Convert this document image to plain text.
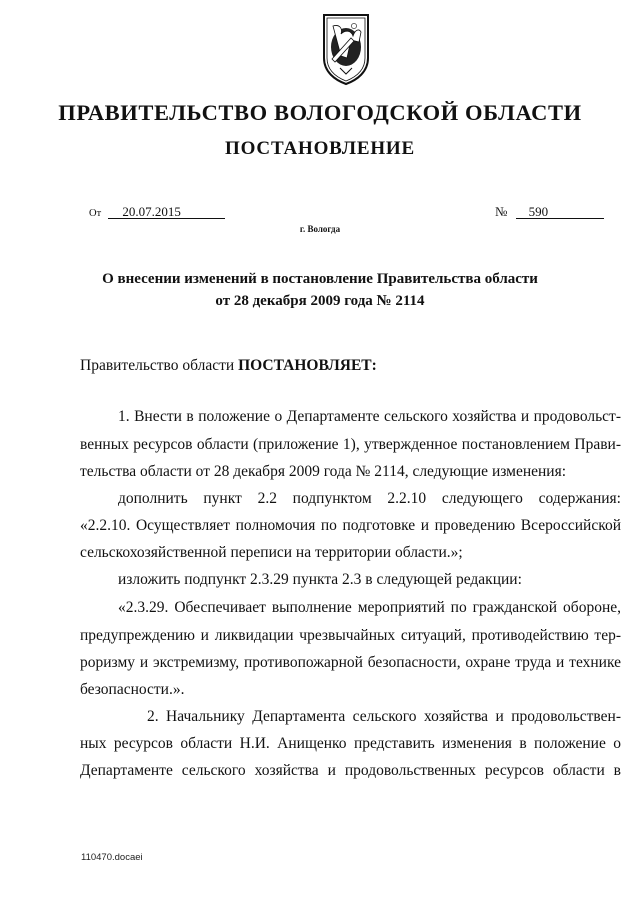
ПРАВИТЕЛЬСТВО ВОЛОГОДСКОЙ ОБЛАСТИ
ПОСТАНОВЛЕНИЕ
От 20.07.2015	№ 590
г. Вологда
О внесении изменений в постановление Правительства области
от 28 декабря 2009 года № 2114
Правительство области ПОСТАНОВЛЯЕТ:
1. Внести в положение о Департаменте сельского хозяйства и продовольст-
венных ресурсов области (приложение 1), утвержденное постановлением Прави-
тельства области от 28 декабря 2009 года № 2114, следующие изменения:
дополнить пункт 2.2 подпунктом 2.2.10 следующего содержания:
«2.2.10. Осуществляет полномочия по подготовке и проведению Всероссийской
сельскохозяйственной переписи на территории области.»;
изложить подпункт 2.3.29 пункта 2.3 в следующей редакции:
«2.3.29. Обеспечивает выполнение мероприятий по гражданской обороне,
предупреждению и ликвидации чрезвычайных ситуаций, противодействию тер-
роризму и экстремизму, противопожарной безопасности, охране труда и технике
безопасности.».
2. Начальнику Департамента сельского хозяйства и продовольствен-
ных ресурсов области Н.И. Анищенко представить изменения в положение о
Департаменте сельского хозяйства и продовольственных ресурсов области в
110470.docaei
